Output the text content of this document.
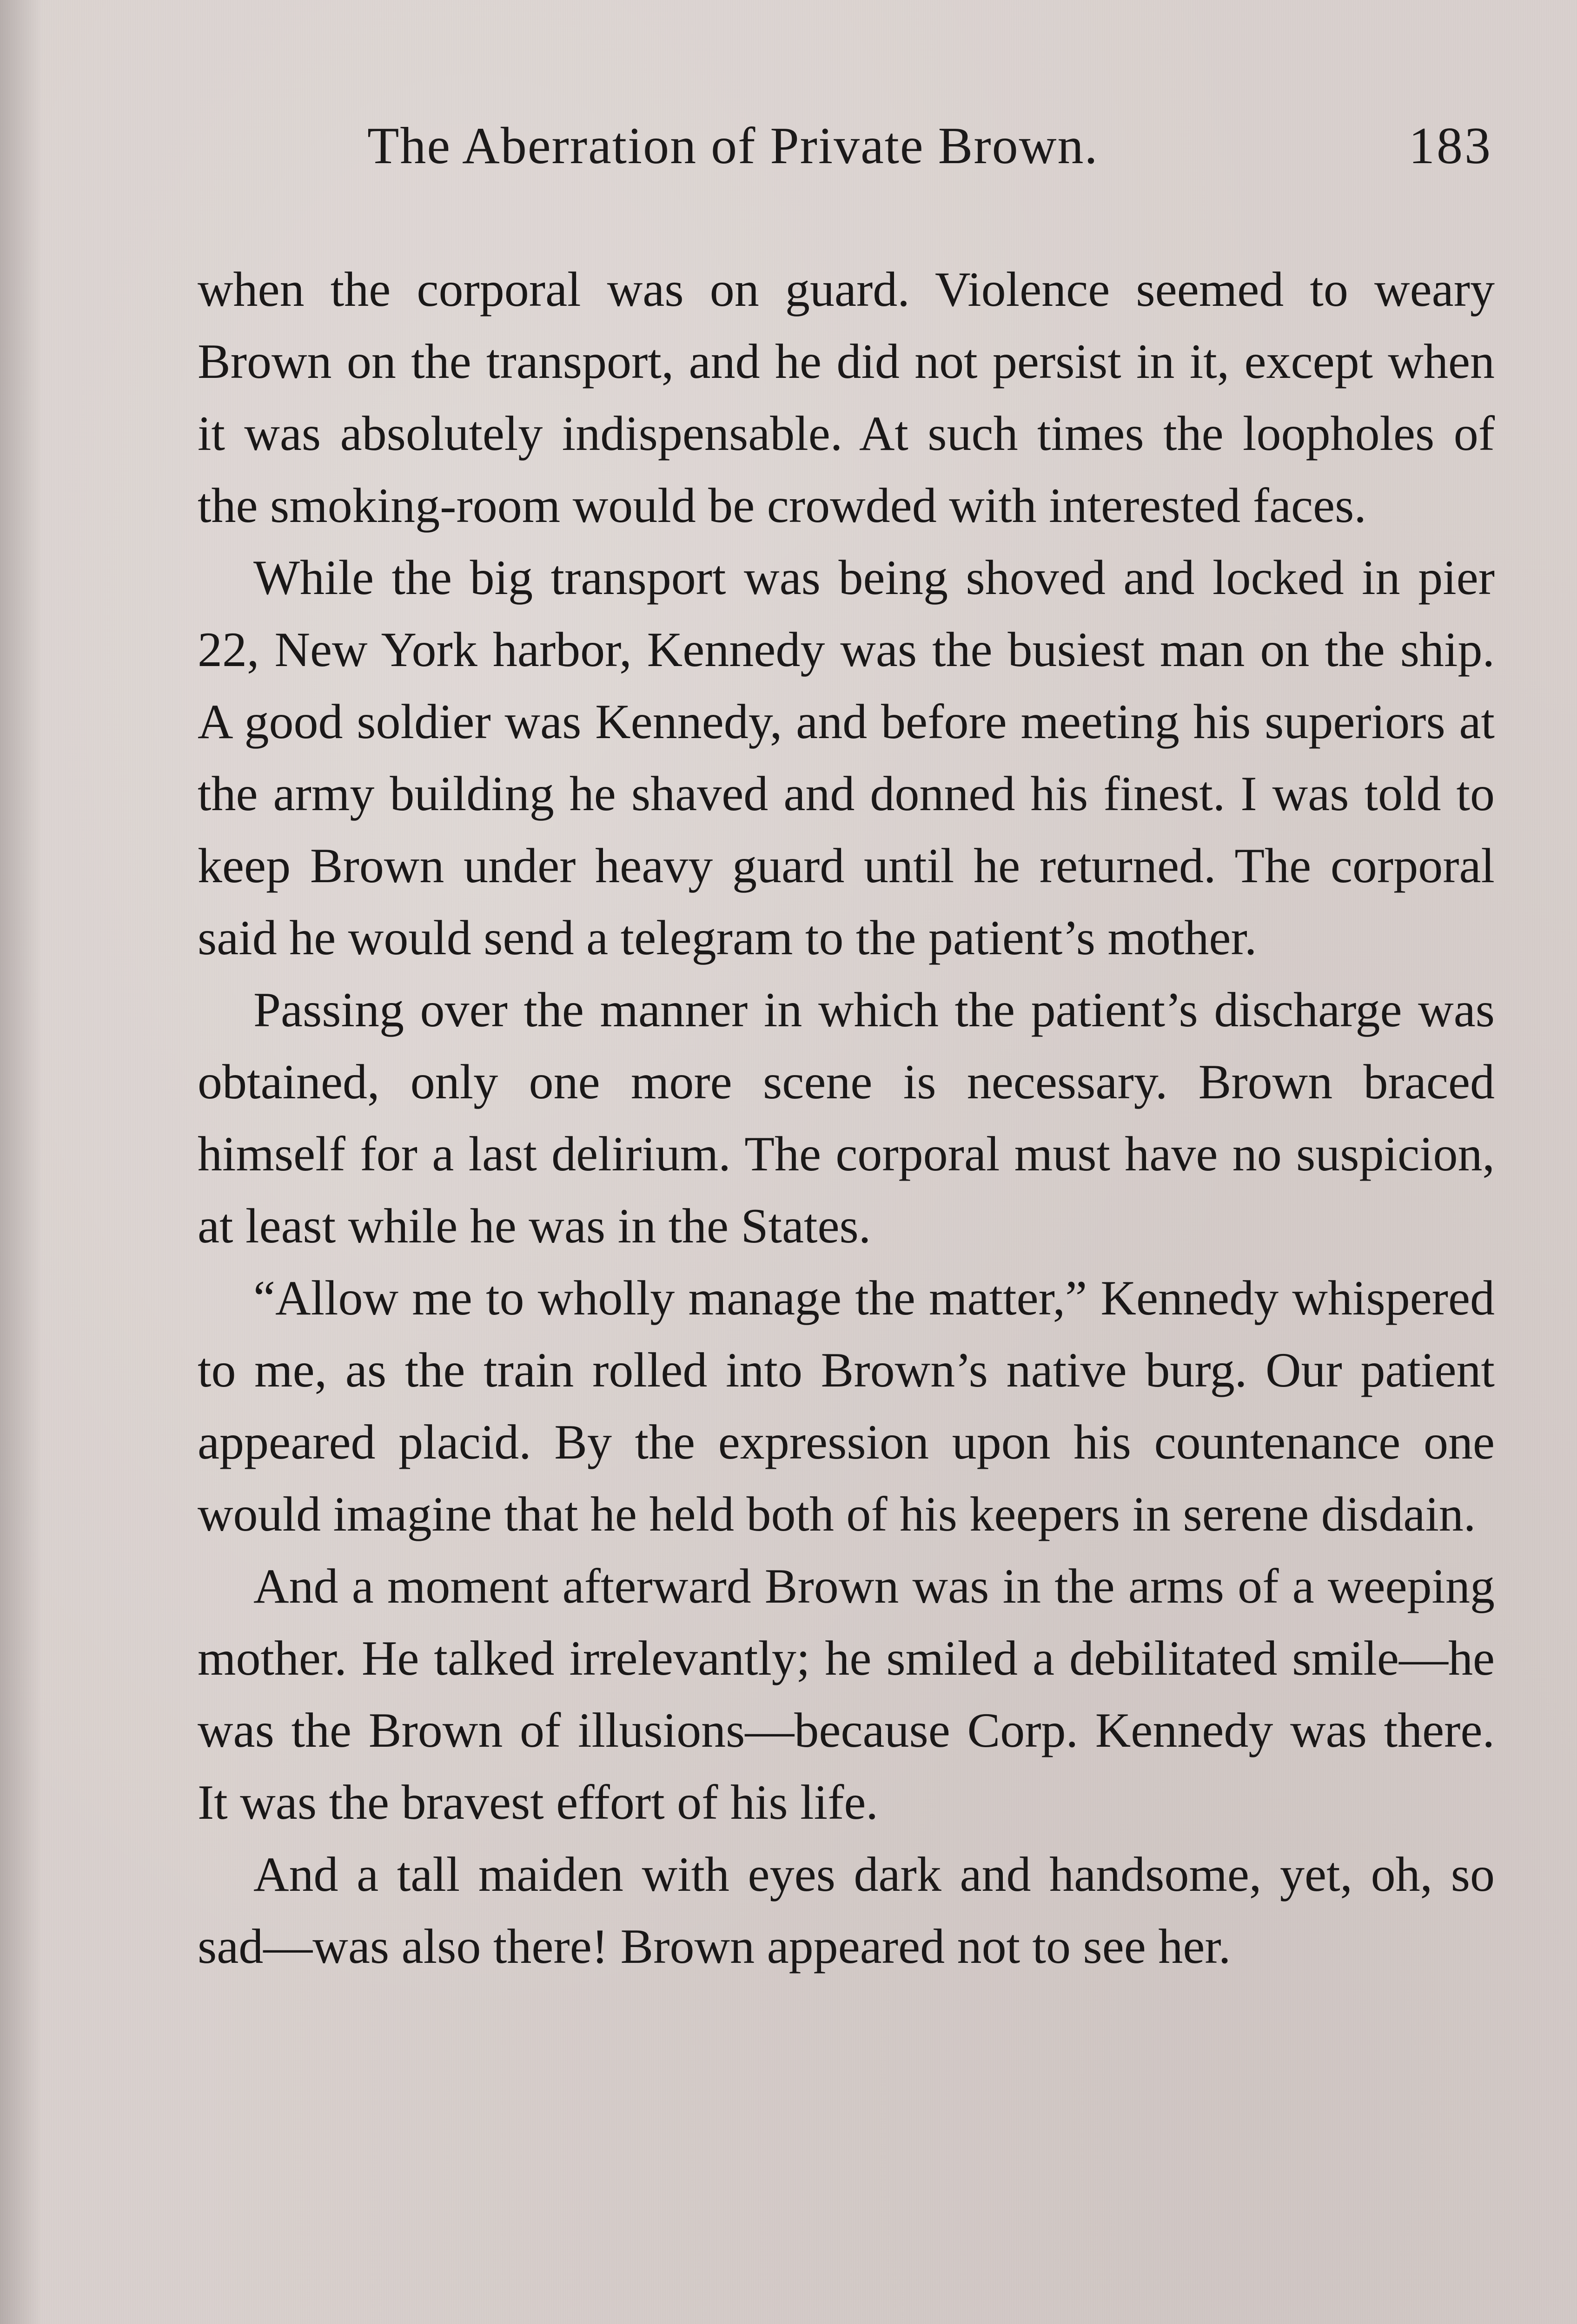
The Aberration of Private Brown.	183

when the corporal was on guard. Violence seemed to weary Brown on the transport, and he did not persist in it, except when it was absolutely indispensable. At such times the loopholes of the smoking-room would be crowded with interested faces.

While the big transport was being shoved and locked in pier 22, New York harbor, Kennedy was the busiest man on the ship. A good soldier was Kennedy, and before meeting his superiors at the army building he shaved and donned his finest. I was told to keep Brown under heavy guard until he returned. The corporal said he would send a telegram to the patient’s mother.

Passing over the manner in which the patient’s discharge was obtained, only one more scene is necessary. Brown braced himself for a last delirium. The corporal must have no suspicion, at least while he was in the States.

“Allow me to wholly manage the matter,” Kennedy whispered to me, as the train rolled into Brown’s native burg. Our patient appeared placid. By the expression upon his countenance one would imagine that he held both of his keepers in serene disdain.

And a moment afterward Brown was in the arms of a weeping mother. He talked irrelevantly; he smiled a debilitated smile—he was the Brown of illusions—because Corp. Kennedy was there. It was the bravest effort of his life.

And a tall maiden with eyes dark and handsome, yet, oh, so sad—was also there! Brown appeared not to see her.
